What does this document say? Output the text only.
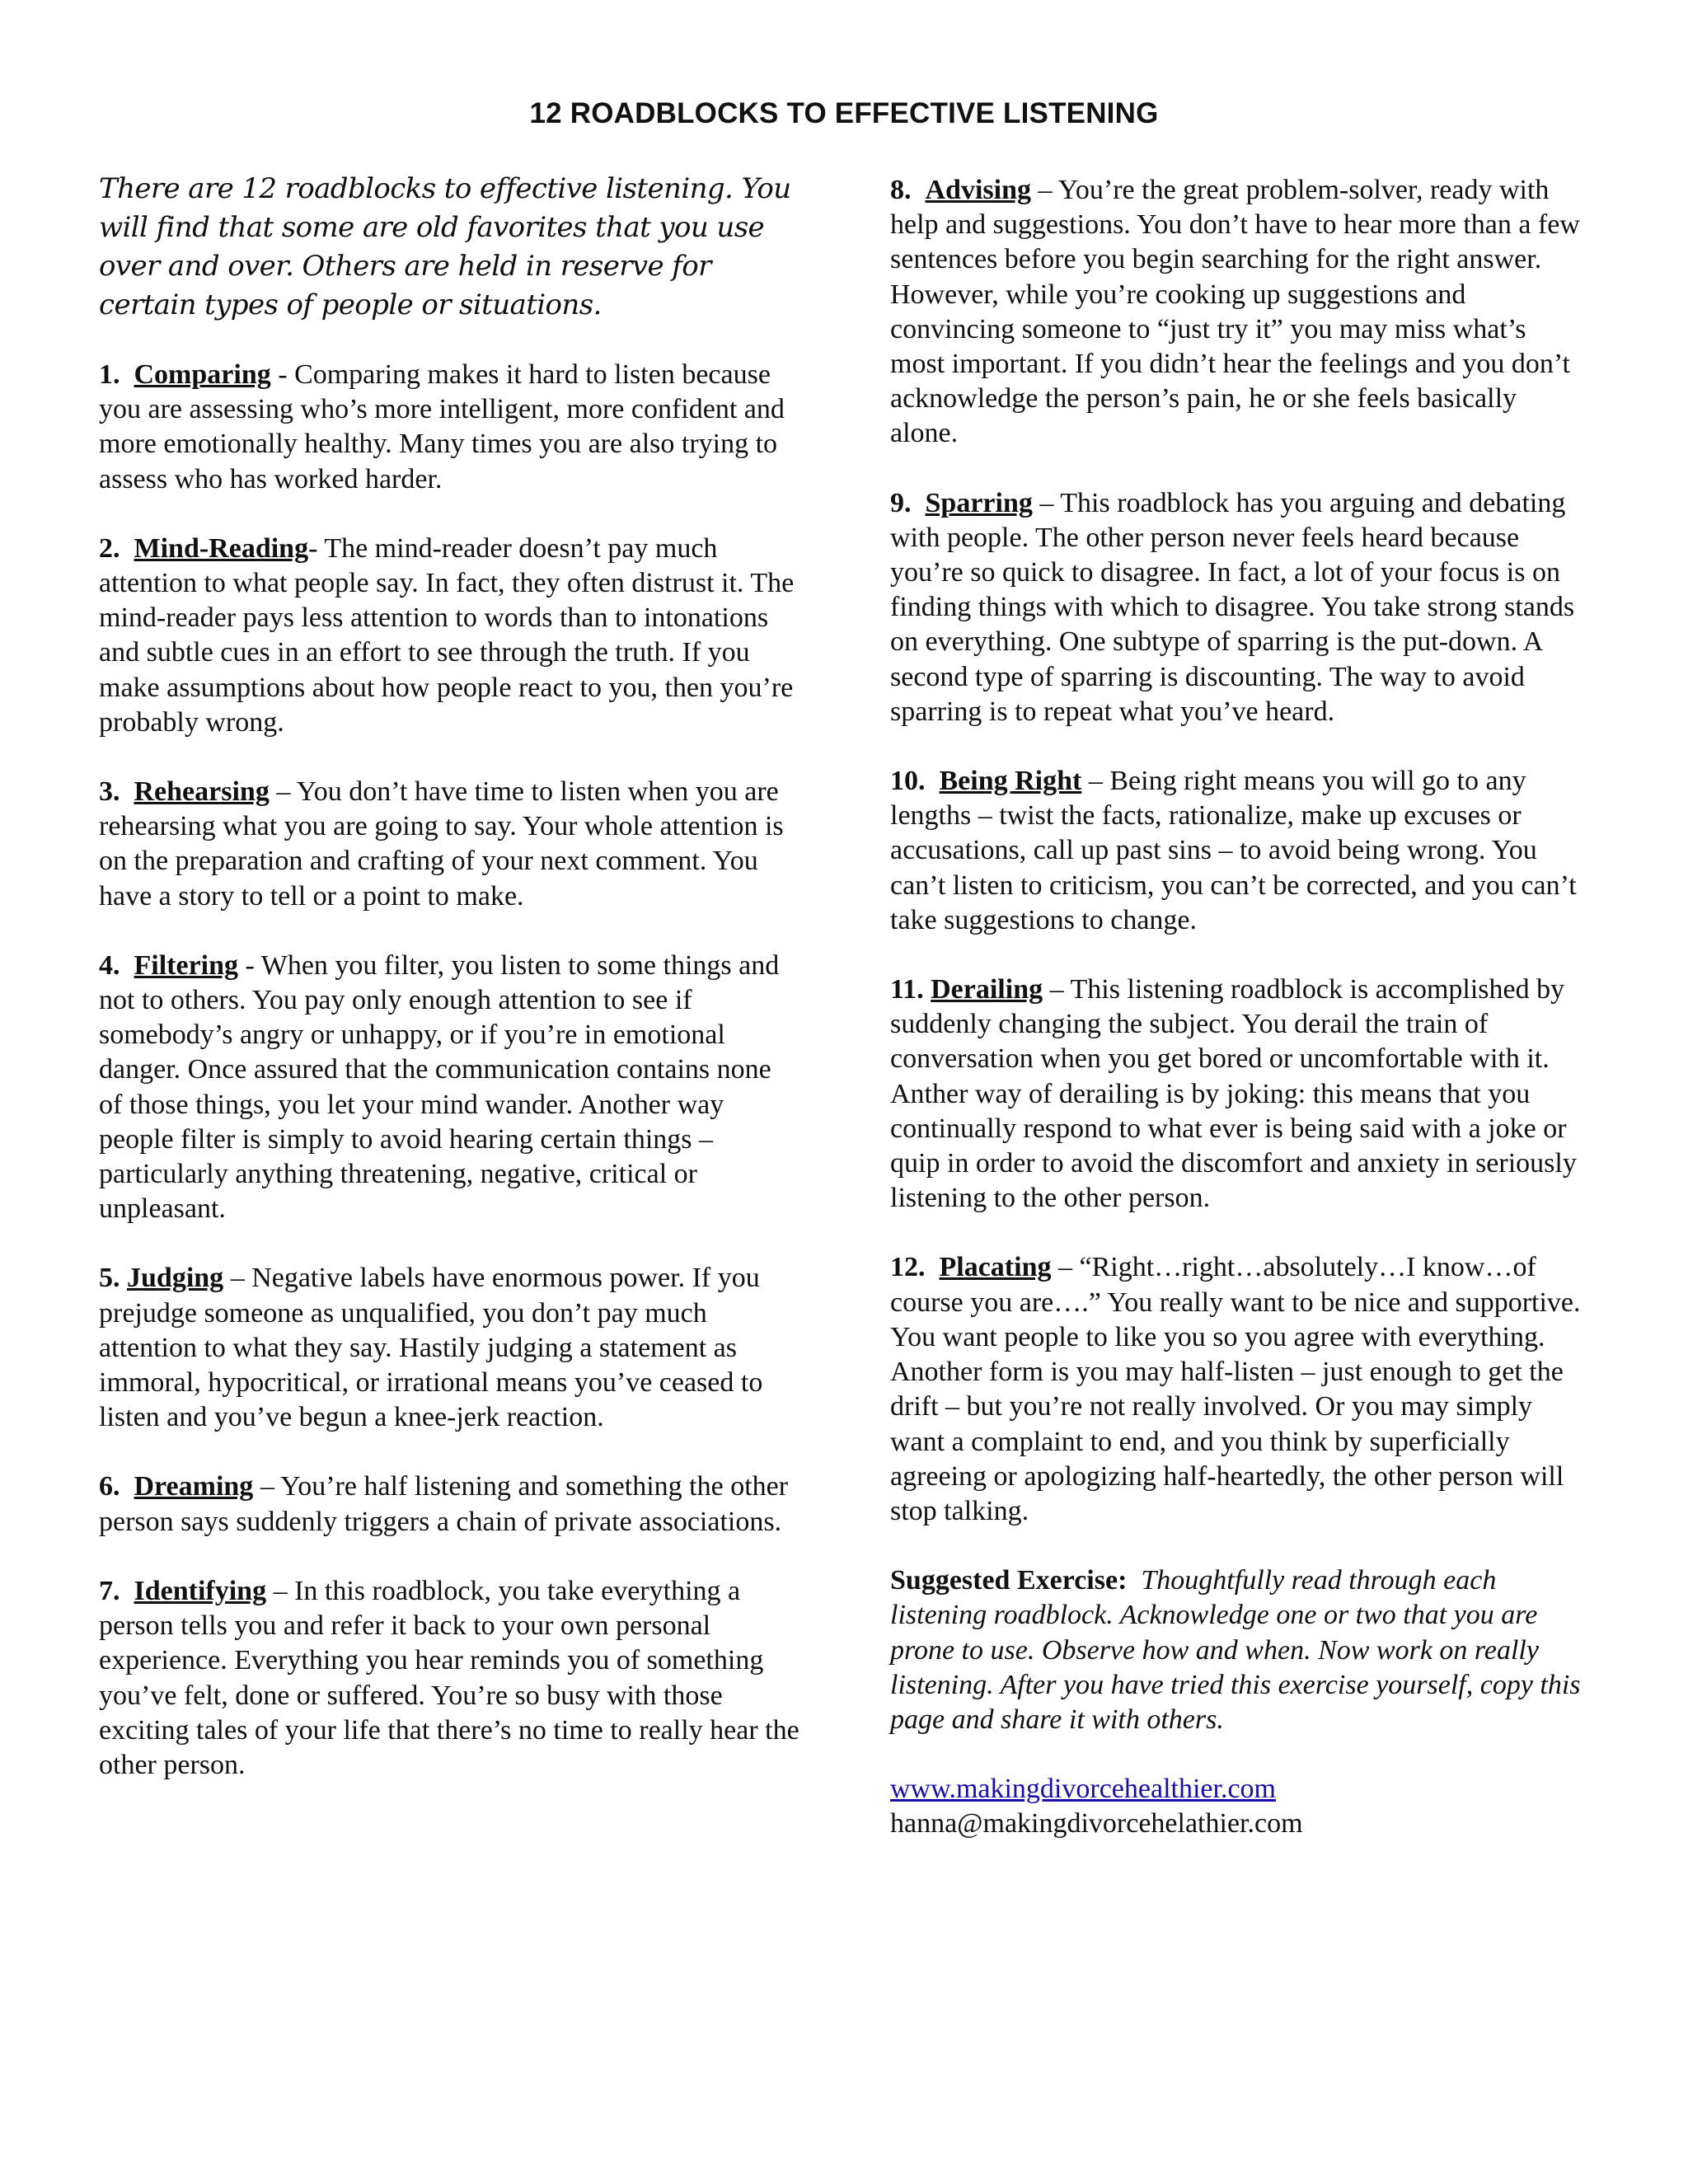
12 ROADBLOCKS TO EFFECTIVE LISTENING

There are 12 roadblocks to effective listening. You will find that some are old favorites that you use over and over. Others are held in reserve for certain types of people or situations.

1. Comparing - Comparing makes it hard to listen because you are assessing who’s more intelligent, more confident and more emotionally healthy. Many times you are also trying to assess who has worked harder.

2. Mind-Reading- The mind-reader doesn’t pay much attention to what people say. In fact, they often distrust it. The mind-reader pays less attention to words than to intonations and subtle cues in an effort to see through the truth. If you make assumptions about how people react to you, then you’re probably wrong.

3. Rehearsing – You don’t have time to listen when you are rehearsing what you are going to say. Your whole attention is on the preparation and crafting of your next comment. You have a story to tell or a point to make.

4. Filtering - When you filter, you listen to some things and not to others. You pay only enough attention to see if somebody’s angry or unhappy, or if you’re in emotional danger. Once assured that the communication contains none of those things, you let your mind wander. Another way people filter is simply to avoid hearing certain things – particularly anything threatening, negative, critical or unpleasant.

5. Judging – Negative labels have enormous power. If you prejudge someone as unqualified, you don’t pay much attention to what they say. Hastily judging a statement as immoral, hypocritical, or irrational means you’ve ceased to listen and you’ve begun a knee-jerk reaction.

6. Dreaming – You’re half listening and something the other person says suddenly triggers a chain of private associations.

7. Identifying – In this roadblock, you take everything a person tells you and refer it back to your own personal experience. Everything you hear reminds you of something you’ve felt, done or suffered. You’re so busy with those exciting tales of your life that there’s no time to really hear the other person.

8. Advising – You’re the great problem-solver, ready with help and suggestions. You don’t have to hear more than a few sentences before you begin searching for the right answer. However, while you’re cooking up suggestions and convincing someone to “just try it” you may miss what’s most important. If you didn’t hear the feelings and you don’t acknowledge the person’s pain, he or she feels basically alone.

9. Sparring – This roadblock has you arguing and debating with people. The other person never feels heard because you’re so quick to disagree. In fact, a lot of your focus is on finding things with which to disagree. You take strong stands on everything. One subtype of sparring is the put-down. A second type of sparring is discounting. The way to avoid sparring is to repeat what you’ve heard.

10. Being Right – Being right means you will go to any lengths – twist the facts, rationalize, make up excuses or accusations, call up past sins – to avoid being wrong. You can’t listen to criticism, you can’t be corrected, and you can’t take suggestions to change.

11. Derailing – This listening roadblock is accomplished by suddenly changing the subject. You derail the train of conversation when you get bored or uncomfortable with it. Anther way of derailing is by joking: this means that you continually respond to what ever is being said with a joke or quip in order to avoid the discomfort and anxiety in seriously listening to the other person.

12. Placating – “Right…right…absolutely…I know…of course you are….” You really want to be nice and supportive. You want people to like you so you agree with everything. Another form is you may half-listen – just enough to get the drift – but you’re not really involved. Or you may simply want a complaint to end, and you think by superficially agreeing or apologizing half-heartedly, the other person will stop talking.

Suggested Exercise: Thoughtfully read through each listening roadblock. Acknowledge one or two that you are prone to use. Observe how and when. Now work on really listening. After you have tried this exercise yourself, copy this page and share it with others.

www.makingdivorcehealthier.com
hanna@makingdivorcehelathier.com
